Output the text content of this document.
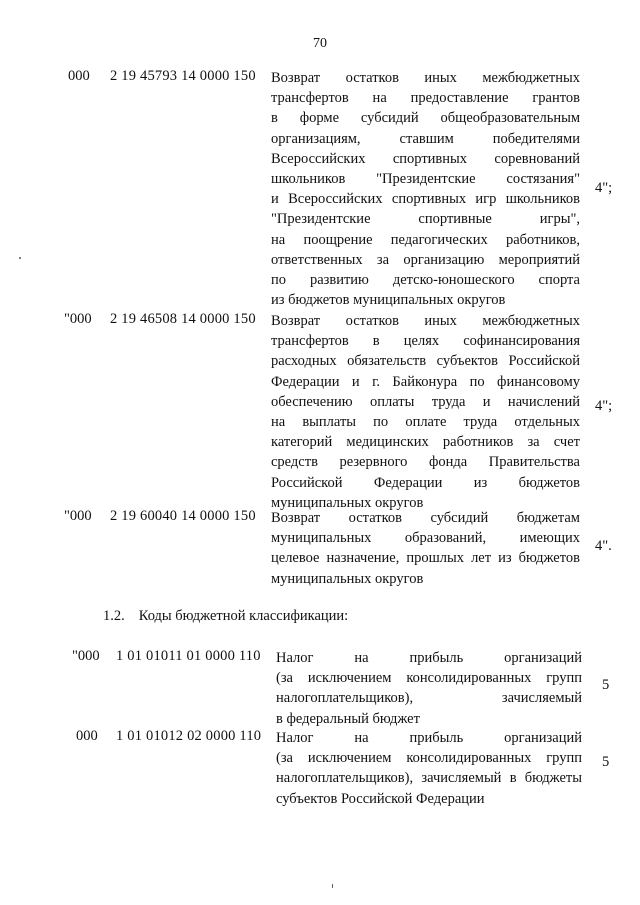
70
000 2 19 45793 14 0000 150 Возврат остатков иных межбюджетных
трансфертов на предоставление грантов
в форме субсидий общеобразовательным
организациям, ставшим победителями
Всероссийских спортивных соревнований
школьников "Президентские состязания"
и Всероссийских спортивных игр школьников
"Президентские спортивные игры",
на поощрение педагогических работников,
ответственных за организацию мероприятий
по развитию детско-юношеского спорта
из бюджетов муниципальных округов
4";
"000 2 19 46508 14 0000 150 Возврат остатков иных межбюджетных
трансфертов в целях софинансирования
расходных обязательств субъектов Российской
Федерации и г. Байконура по финансовому
обеспечению оплаты труда и начислений
на выплаты по оплате труда отдельных
категорий медицинских работников за счет
средств резервного фонда Правительства
Российской Федерации из бюджетов
муниципальных округов
4";
"000 2 19 60040 14 0000 150 Возврат остатков субсидий бюджетам
муниципальных образований, имеющих
целевое назначение, прошлых лет из бюджетов
муниципальных округов
4".
1.2. Коды бюджетной классификации:
"000 1 01 01011 01 0000 110 Налог на прибыль организаций
(за исключением консолидированных групп
налогоплательщиков), зачисляемый
в федеральный бюджет
5
000 1 01 01012 02 0000 110 Налог на прибыль организаций
(за исключением консолидированных групп
налогоплательщиков), зачисляемый в бюджеты
субъектов Российской Федерации
5
